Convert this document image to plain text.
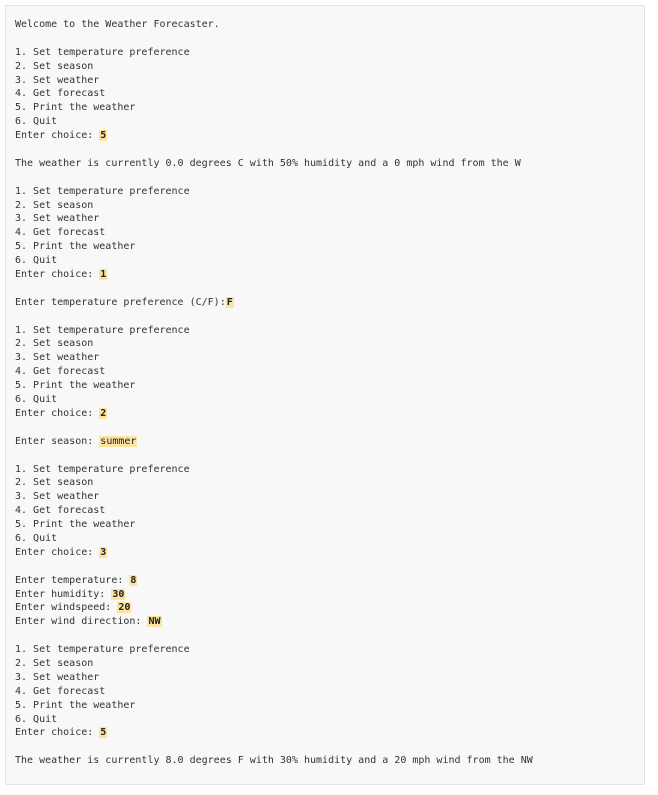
Welcome to the Weather Forecaster.
1. Set temperature preference
2. Set season
3. Set weather
4. Get forecast
5. Print the weather
6. Quit
Enter choice: 5
The weather is currently 0.0 degrees C with 50% humidity and a 0 mph wind from the W
1. Set temperature preference
2. Set season
3. Set weather
4. Get forecast
5. Print the weather
6. Quit
Enter choice: 1
Enter temperature preference (C/F):F
1. Set temperature preference
2. Set season
3. Set weather
4. Get forecast
5. Print the weather
6. Quit
Enter choice: 2
Enter season: summer
1. Set temperature preference
2. Set season
3. Set weather
4. Get forecast
5. Print the weather
6. Quit
Enter choice: 3
Enter temperature: 8
Enter humidity: 30
Enter windspeed: 20
Enter wind direction: NW
1. Set temperature preference
2. Set season
3. Set weather
4. Get forecast
5. Print the weather
6. Quit
Enter choice: 5
The weather is currently 8.0 degrees F with 30% humidity and a 20 mph wind from the NW
